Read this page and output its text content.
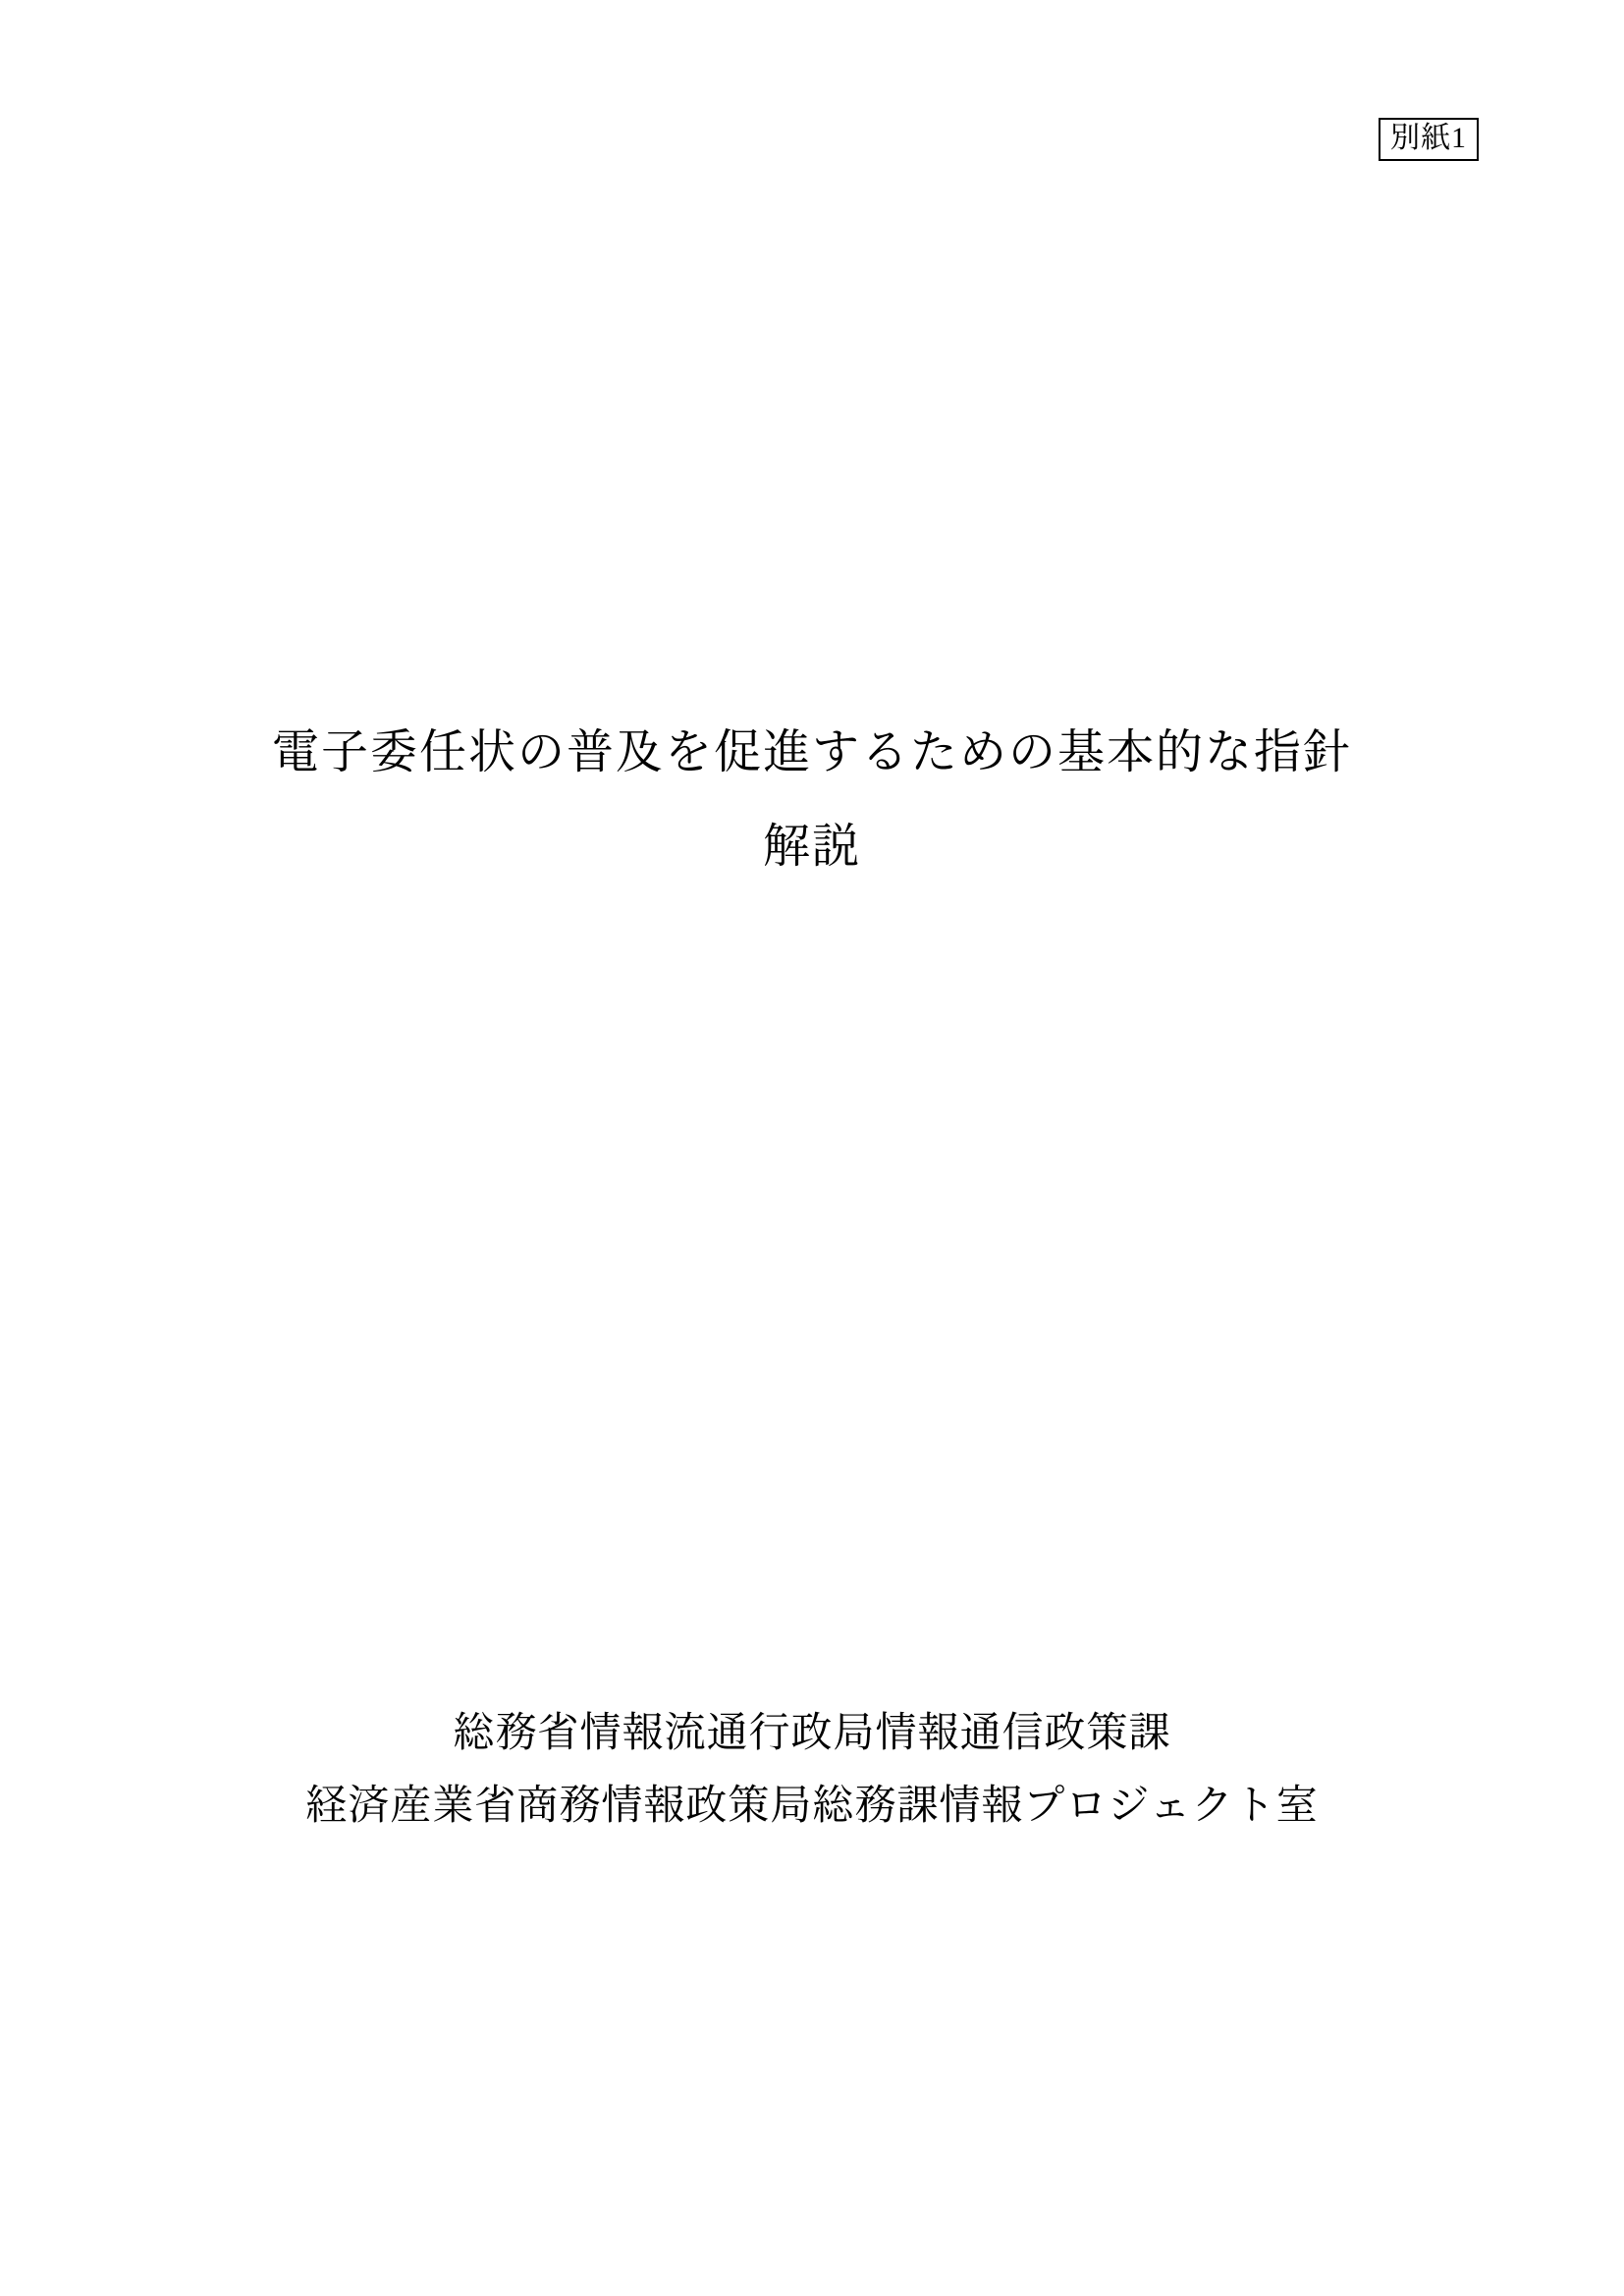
別紙1
電子委任状の普及を促進するための基本的な指針
解説

総務省情報流通行政局情報通信政策課

経済産業省商務情報政策局総務課情報プロジェクト室
